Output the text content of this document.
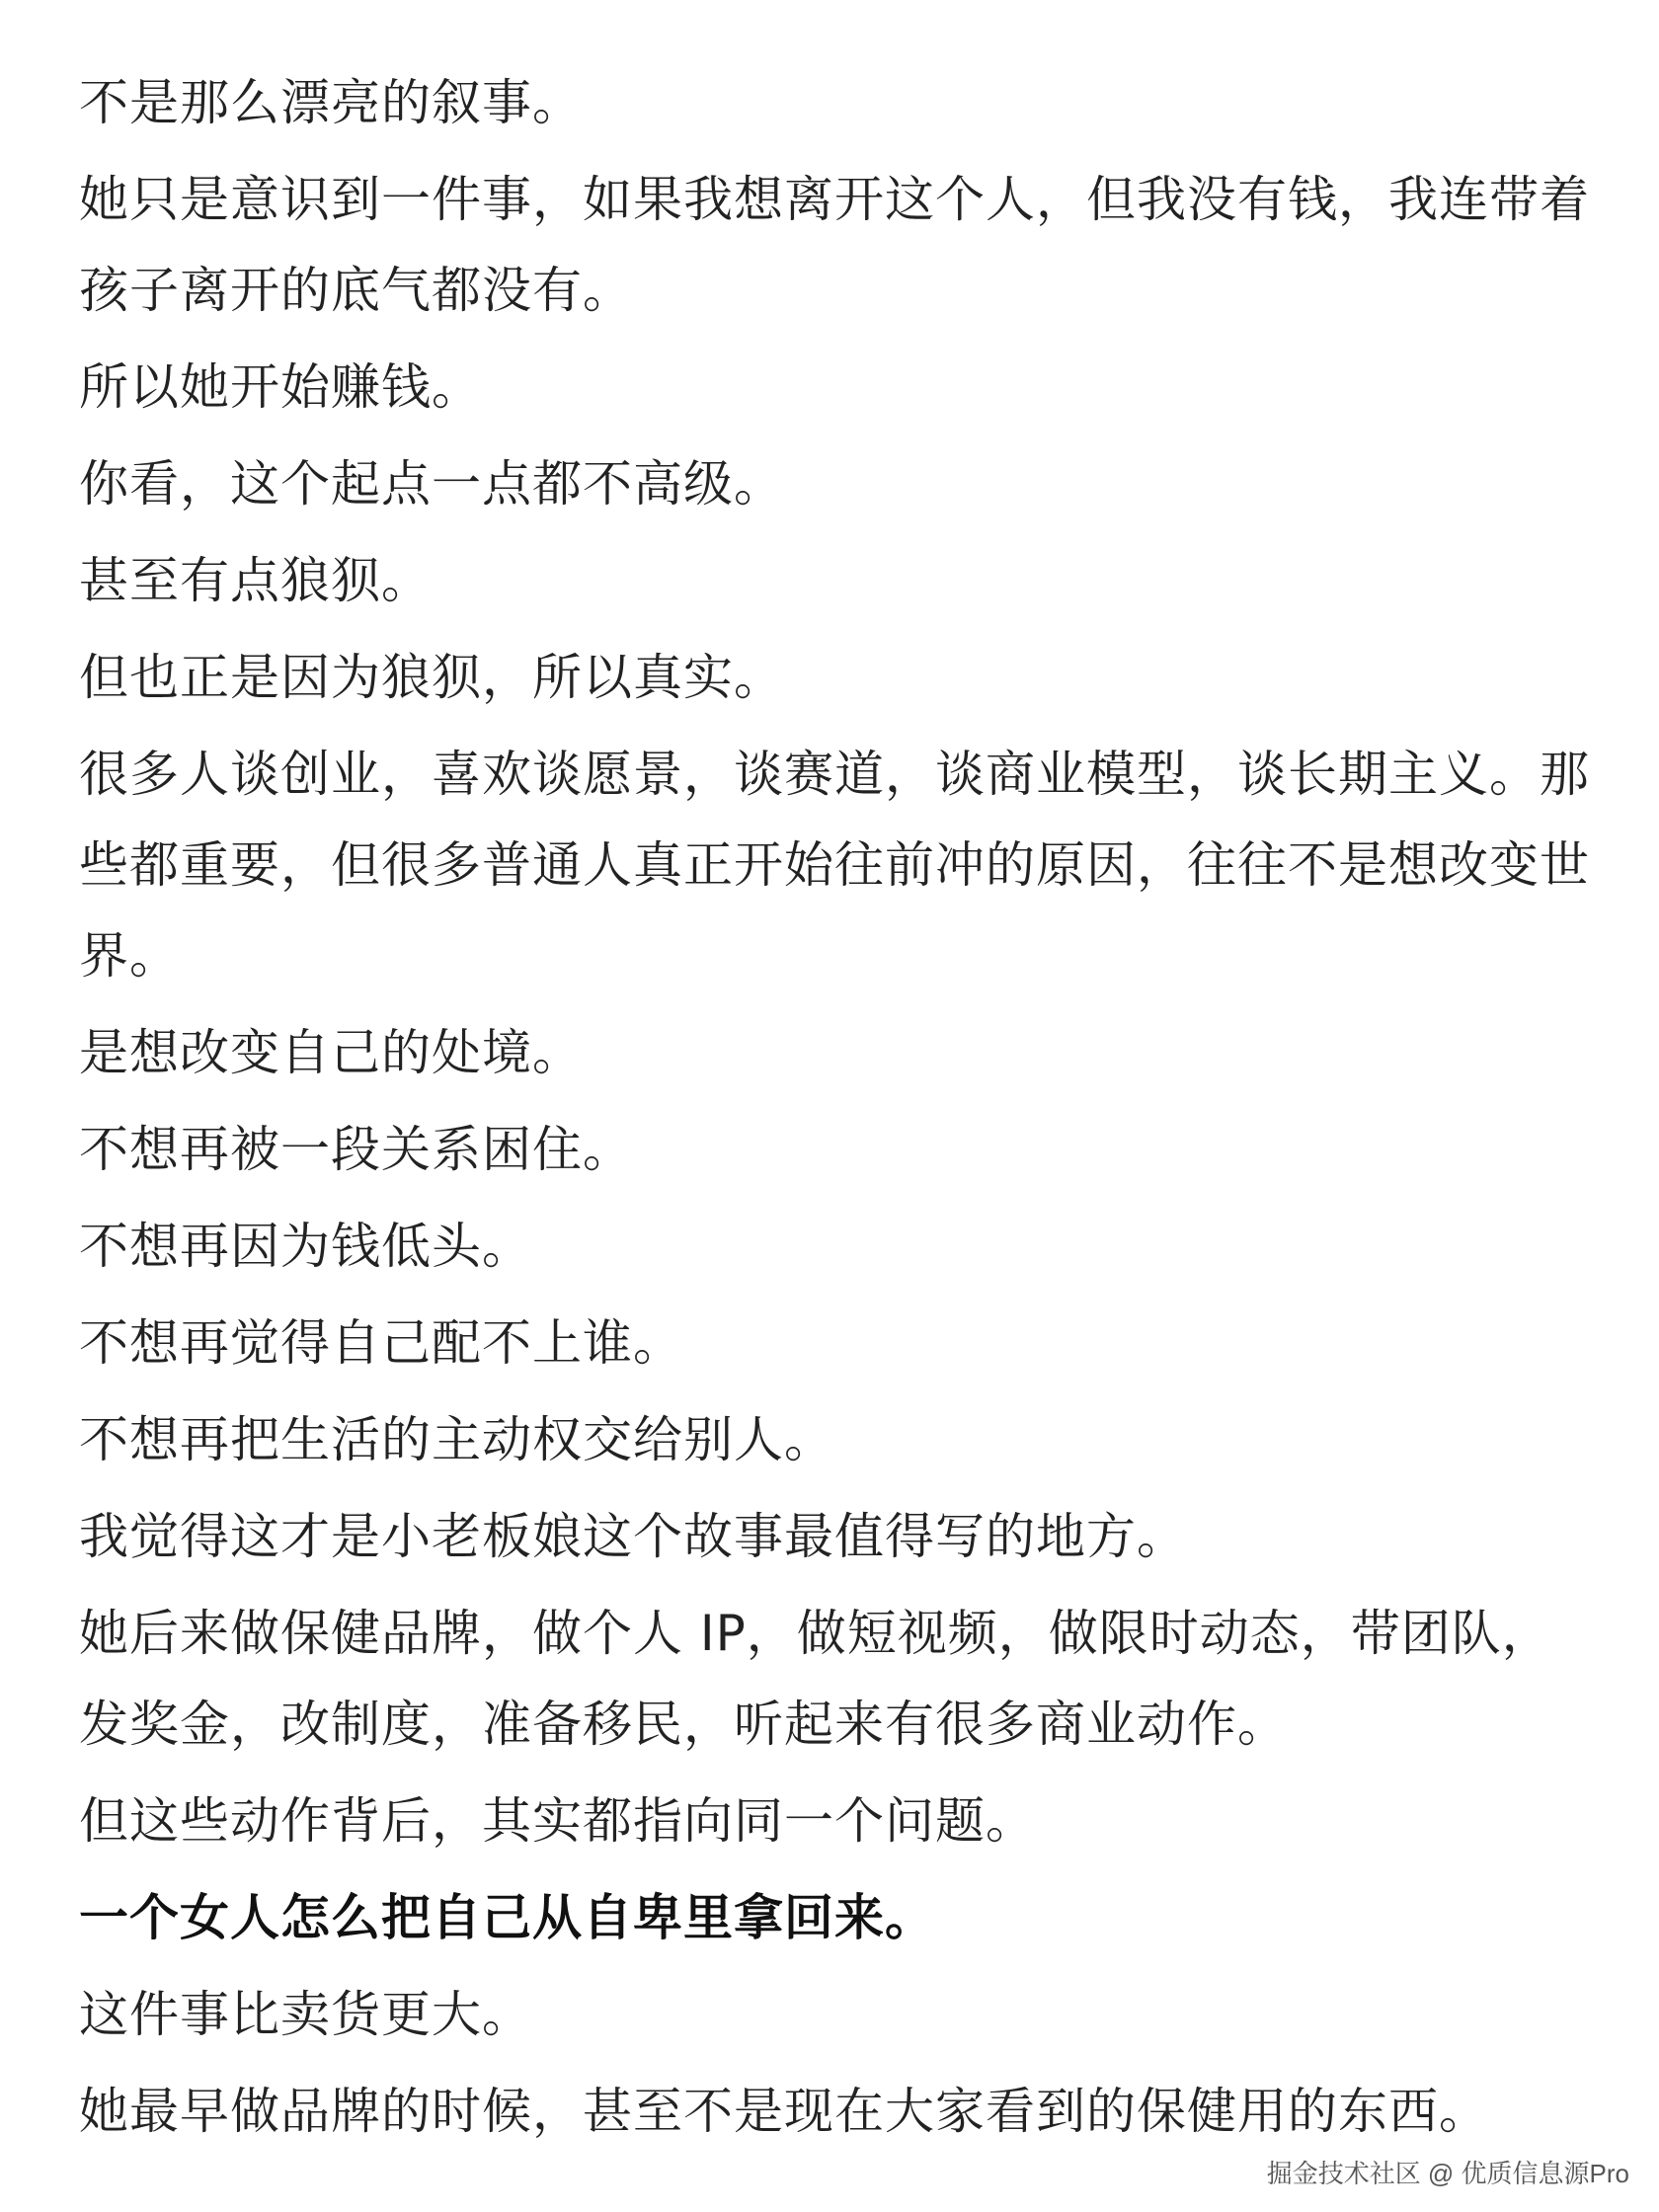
不是那么漂亮的叙事。

她只是意识到一件事，如果我想离开这个人，但我没有钱，我连带着孩子离开的底气都没有。

所以她开始赚钱。

你看，这个起点一点都不高级。

甚至有点狼狈。

但也正是因为狼狈，所以真实。

很多人谈创业，喜欢谈愿景，谈赛道，谈商业模型，谈长期主义。那些都重要，但很多普通人真正开始往前冲的原因，往往不是想改变世界。

是想改变自己的处境。

不想再被一段关系困住。

不想再因为钱低头。

不想再觉得自己配不上谁。

不想再把生活的主动权交给别人。

我觉得这才是小老板娘这个故事最值得写的地方。

她后来做保健品牌，做个人 IP，做短视频，做限时动态，带团队，发奖金，改制度，准备移民，听起来有很多商业动作。

但这些动作背后，其实都指向同一个问题。

一个女人怎么把自己从自卑里拿回来。

这件事比卖货更大。

她最早做品牌的时候，甚至不是现在大家看到的保健用的东西。

掘金技术社区 @ 优质信息源Pro
